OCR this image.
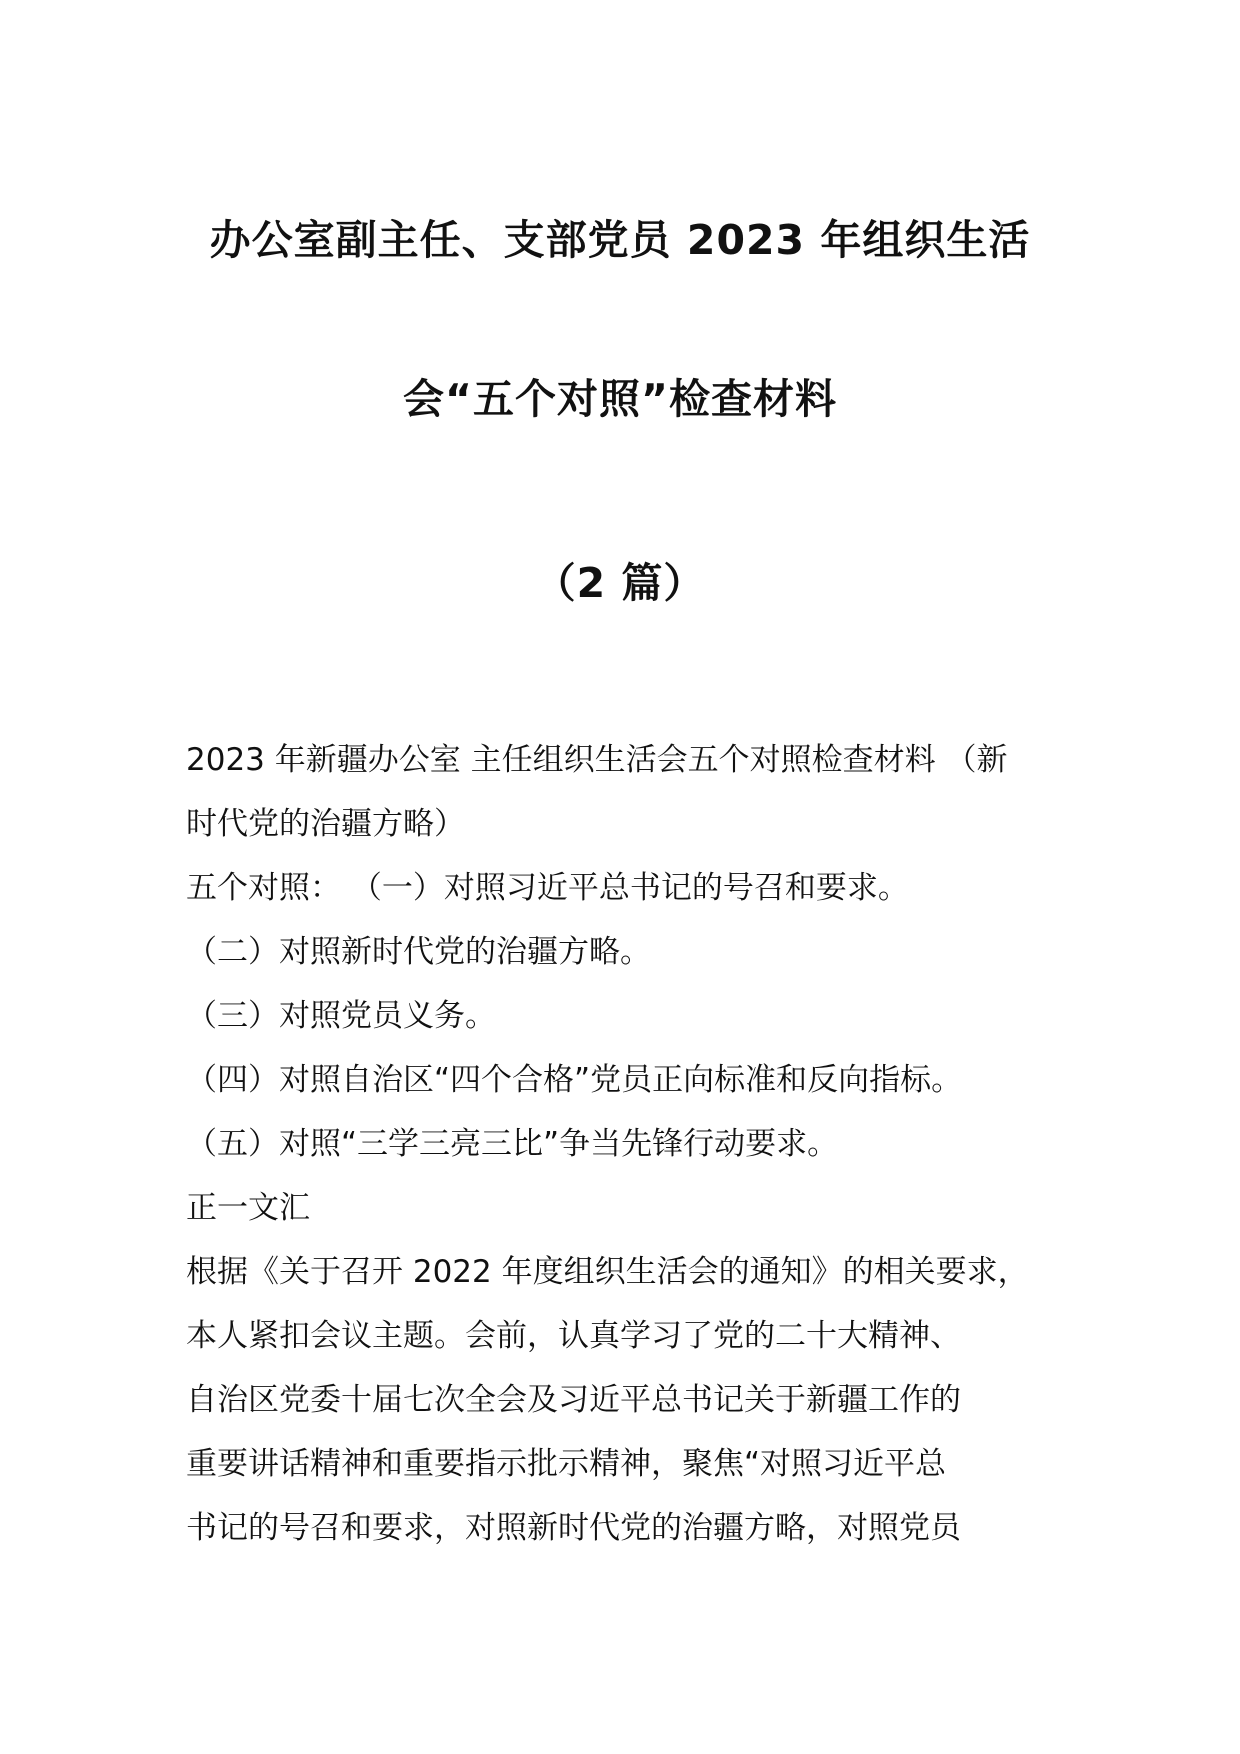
办公室副主任、支部党员 2023 年组织生活
会“五个对照”检查材料
（2 篇）

2023 年新疆办公室 主任组织生活会五个对照检查材料 （新

时代党的治疆方略）

五个对照： （一）对照习近平总书记的号召和要求。

（二）对照新时代党的治疆方略。

（三）对照党员义务。

（四）对照自治区“四个合格”党员正向标准和反向指标。

（五）对照“三学三亮三比”争当先锋行动要求。

正一文汇

根据《关于召开 2022 年度组织生活会的通知》的相关要求，

本人紧扣会议主题。会前，认真学习了党的二十大精神、

自治区党委十届七次全会及习近平总书记关于新疆工作的

重要讲话精神和重要指示批示精神，聚焦“对照习近平总

书记的号召和要求，对照新时代党的治疆方略，对照党员
